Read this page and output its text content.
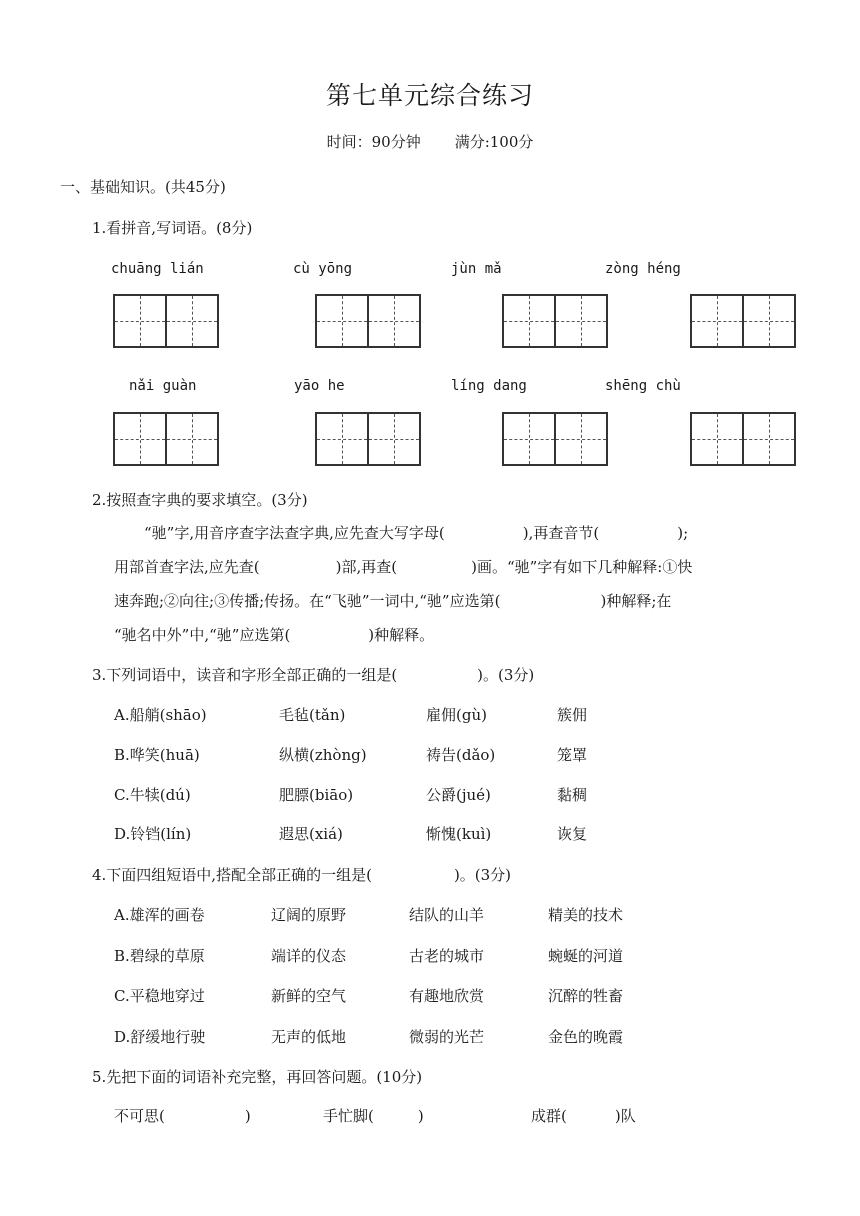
第七单元综合练习
时间：90分钟 满分:100分
一、基础知识。(共45分)
1.看拼音,写词语。(8分)
chuāng lián	cù yōng	jùn mǎ	zòng héng
nǎi guàn	yāo he	líng dang	shēng chù
2.按照查字典的要求填空。(3分)
“驰”字,用音序查字法查字典,应先查大写字母(	),再查音节(	);
用部首查字法,应先查(	)部,再查(	)画。“驰”字有如下几种解释:①快
速奔跑;②向往;③传播;传扬。在“飞驰”一词中,“驰”应选第(	)种解释;在
“驰名中外”中,“驰”应选第(	)种解释。
3.下列词语中，读音和字形全部正确的一组是(	)。(3分)
A.船艄(shāo)	毛毡(tǎn)	雇佣(gù)	簇佣
B.哗笑(huā)	纵横(zhòng)	祷告(dǎo)	笼罩
C.牛犊(dú)	肥膘(biāo)	公爵(jué)	黏稠
D.铃铛(lín)	遐思(xiá)	惭愧(kuì)	诙复
4.下面四组短语中,搭配全部正确的一组是(	)。(3分)
A.雄浑的画卷	辽阔的原野	结队的山羊	精美的技术
B.碧绿的草原	端详的仪态	古老的城市	蜿蜒的河道
C.平稳地穿过	新鲜的空气	有趣地欣赏	沉醉的牲畜
D.舒缓地行驶	无声的低地	微弱的光芒	金色的晚霞
5.先把下面的词语补充完整，再回答问题。(10分)
不可思(	)	手忙脚(	)	成群(	)队
